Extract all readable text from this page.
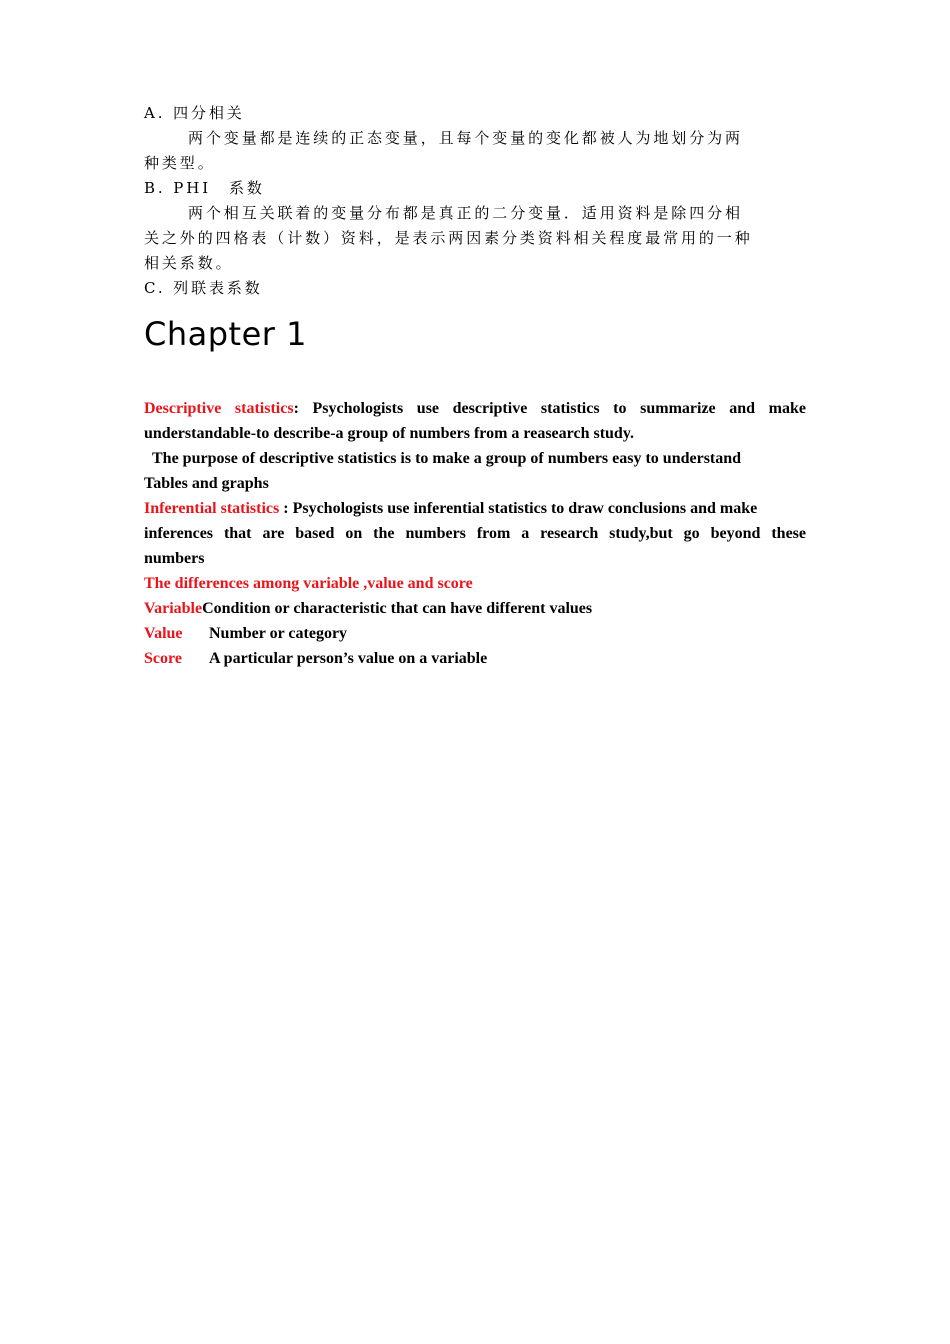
A. 四分相关

两个变量都是连续的正态变量，且每个变量的变化都被人为地划分为两

种类型。

B. PHI　系数

两个相互关联着的变量分布都是真正的二分变量．适用资料是除四分相

关之外的四格表（计数）资料，是表示两因素分类资料相关程度最常用的一种

相关系数。

C. 列联表系数

Chapter 1

Descriptive statistics: Psychologists use descriptive statistics to summarize and make

understandable-to describe-a group of numbers from a reasearch study.

The purpose of descriptive statistics is to make a group of numbers easy to understand

Tables and graphs

Inferential statistics : Psychologists use inferential statistics to draw conclusions and make

inferences that are based on the numbers from a research study,but go beyond these

numbers

The differences among variable ,value and score

VariableCondition or characteristic that can have different values

Value Number or category

Score A particular person’s value on a variable
